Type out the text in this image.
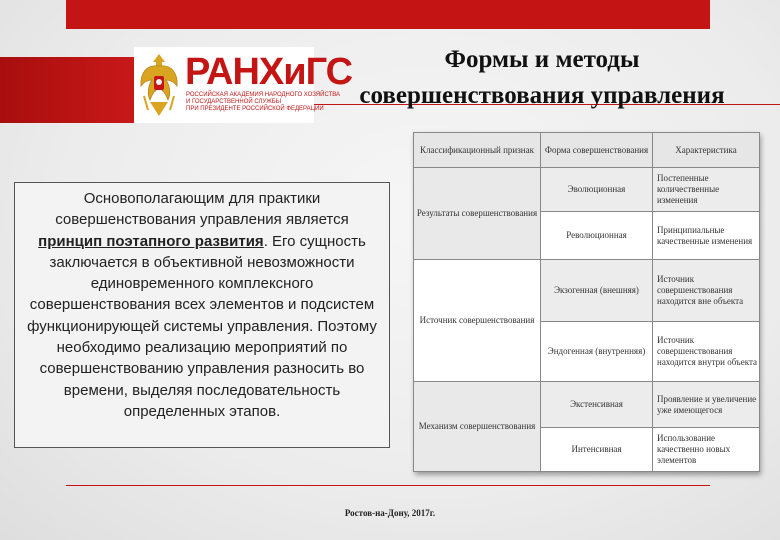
РАНХиГС
РОССИЙСКАЯ АКАДЕМИЯ НАРОДНОГО ХОЗЯЙСТВА
И ГОСУДАРСТВЕННОЙ СЛУЖБЫ
ПРИ ПРЕЗИДЕНТЕ РОССИЙСКОЙ ФЕДЕРАЦИИ
Формы и методы
совершенствования управления
Основополагающим для практики совершенствования управления является
принцип поэтапного развития. Его сущность заключается в объективной невозможности единовременного комплексного совершенствования всех элементов и подсистем функционирующей системы управления. Поэтому необходимо реализацию мероприятий по совершенствованию управления разносить во времени, выделяя последовательность определенных этапов.
Классификационный признак	Форма совершенствования	Характеристика
Результаты совершенствования	Эволюционная	Постепенные количественные изменения
	Революционная	Принципиальные качественные изменения
Источник совершенствования	Экзогенная (внешняя)	Источник совершенствования находится вне объекта
	Эндогенная (внутренняя)	Источник совершенствования находится внутри объекта
Механизм совершенствования	Экстенсивная	Проявление и увеличение уже имеющегося
	Интенсивная	Использование качественно новых элементов
Ростов-на-Дону, 2017г.
